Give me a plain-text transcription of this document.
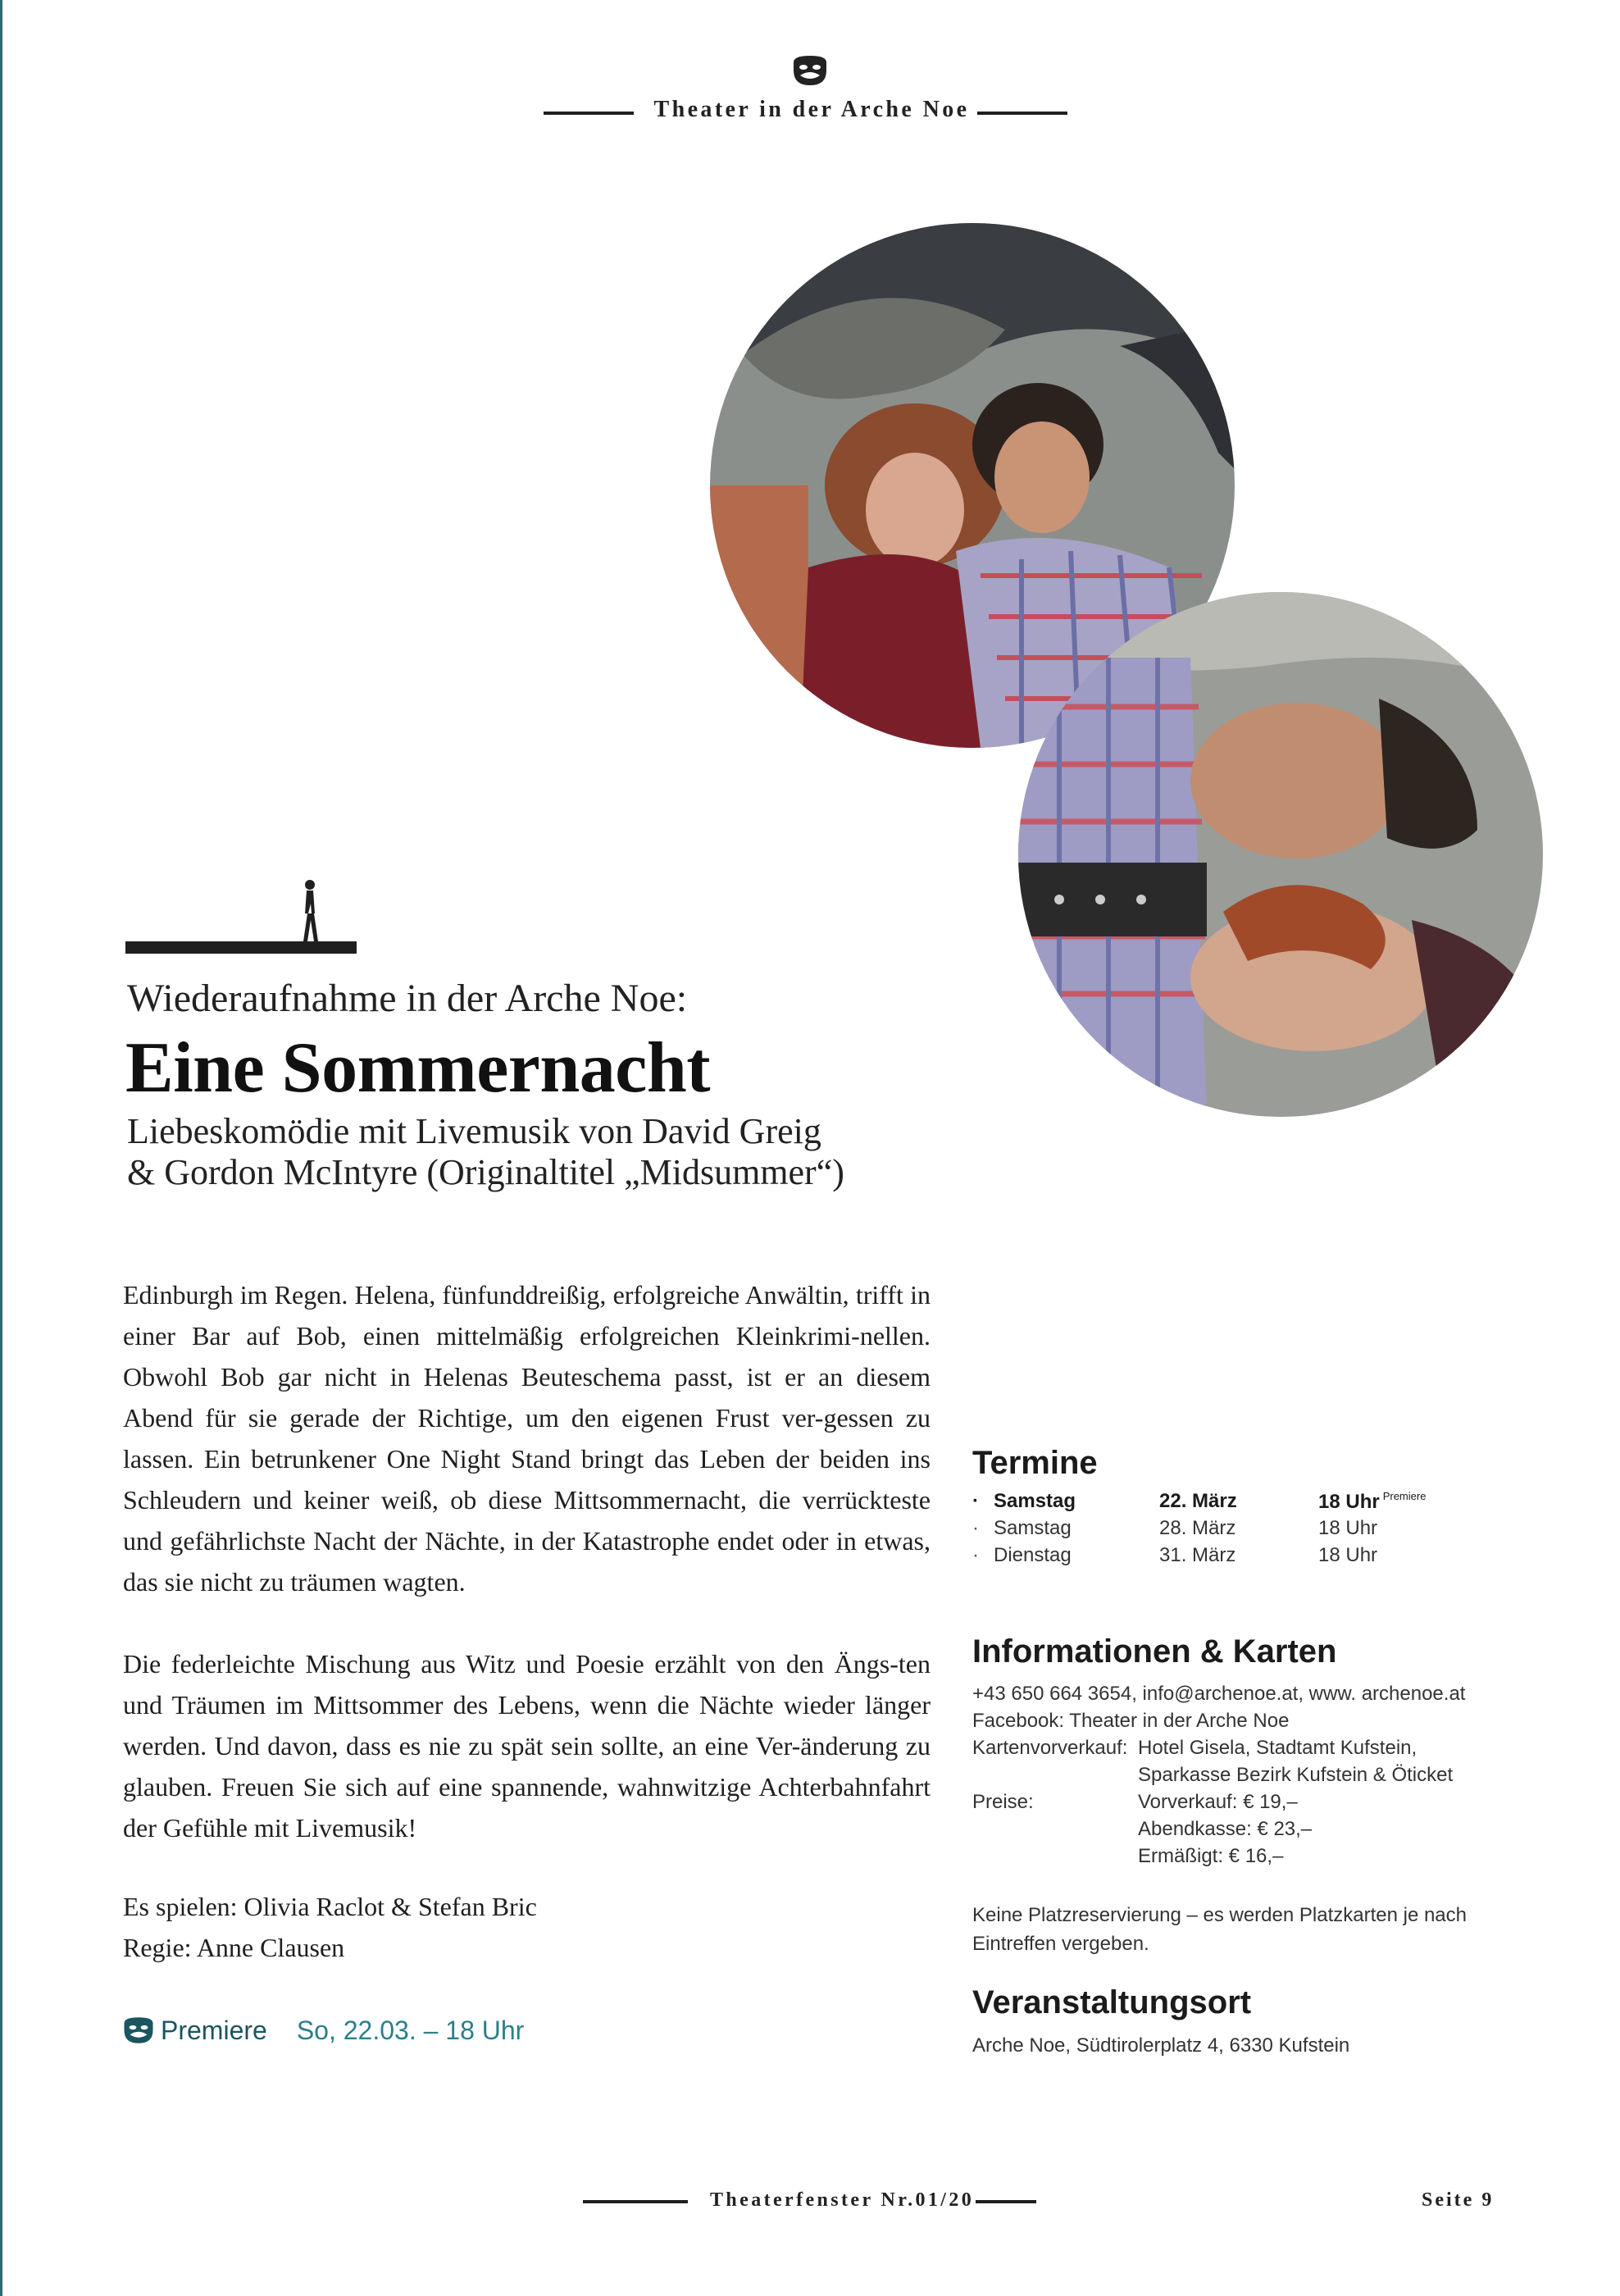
Theater in der Arche Noe
Wiederaufnahme in der Arche Noe:
Eine Sommernacht
Liebeskomödie mit Livemusik von David Greig
& Gordon McIntyre (Originaltitel „Midsummer“)

Edinburgh im Regen. Helena, fünfunddreißig, erfolgreiche Anwältin, trifft in einer Bar auf Bob, einen mittelmäßig erfolgreichen Kleinkrimi-nellen. Obwohl Bob gar nicht in Helenas Beuteschema passt, ist er an diesem Abend für sie gerade der Richtige, um den eigenen Frust ver-gessen zu lassen. Ein betrunkener One Night Stand bringt das Leben der beiden ins Schleudern und keiner weiß, ob diese Mittsommernacht, die verrückteste und gefährlichste Nacht der Nächte, in der Katastrophe endet oder in etwas, das sie nicht zu träumen wagten.

Die federleichte Mischung aus Witz und Poesie erzählt von den Ängs-ten und Träumen im Mittsommer des Lebens, wenn die Nächte wieder länger werden. Und davon, dass es nie zu spät sein sollte, an eine Ver-änderung zu glauben. Freuen Sie sich auf eine spannende, wahnwitzige Achterbahnfahrt der Gefühle mit Livemusik!

Es spielen: Olivia Raclot & Stefan Bric
Regie: Anne Clausen
Premiere So, 22.03. – 18 Uhr
Termine
·	Samstag	22. März	18 Uhr $^{Premiere}$
·	Samstag	28. März	18 Uhr
·	Dienstag	31. März	18 Uhr
Informationen & Karten
+43 650 664 3654, info@archenoe.at, www. archenoe.at
Facebook: Theater in der Arche Noe
Kartenvorverkauf: Hotel Gisela, Stadtamt Kufstein,
Sparkasse Bezirk Kufstein & Öticket
Preise:	Vorverkauf: € 19,–
Abendkasse: € 23,–
Ermäßigt: € 16,–
Keine Platzreservierung – es werden Platzkarten je nach Eintreffen vergeben.
Veranstaltungsort
Arche Noe, Südtirolerplatz 4, 6330 Kufstein
Theaterfenster Nr.01/20	Seite 9
